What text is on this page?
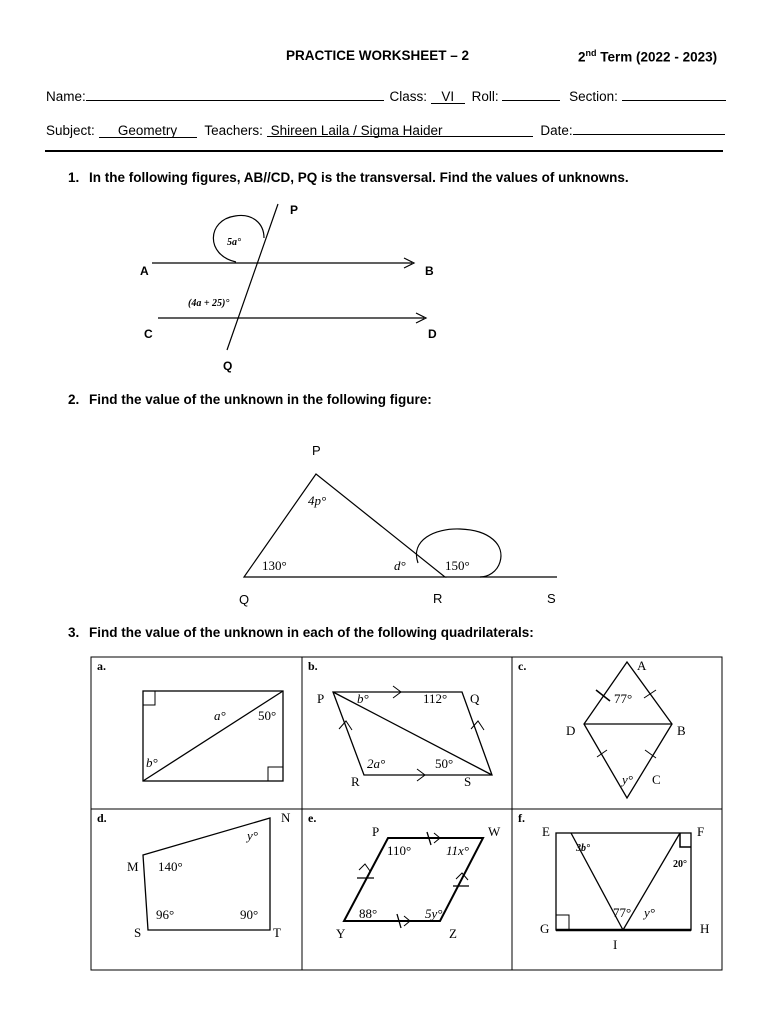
PRACTICE WORKSHEET – 2	2nd Term (2022 - 2023)
Name:	Class: VI Roll:	Section:
Subject: Geometry Teachers: Shireen Laila / Sigma Haider	Date:
1. In the following figures, AB//CD, PQ is the transversal. Find the values of unknowns.
5a°
(4a + 25)°
P
Q
A	B
C	D
2. Find the value of the unknown in the following figure:
4p°
130°	d°	150°
P
Q	R	S
3. Find the value of the unknown in each of the following quadrilaterals:
a.
a° 50°
b°
b.
b°	112°
2a°	50°
P	Q
R	S
c.
77°
y°
A
B
C
D
d.
140°
y°
96°	90°
M
N
S	T
e.
110°	11x°
88°	5y°
P	W
Y	Z
f.
3b°
20°
77° y°
E	F
G	H
I
